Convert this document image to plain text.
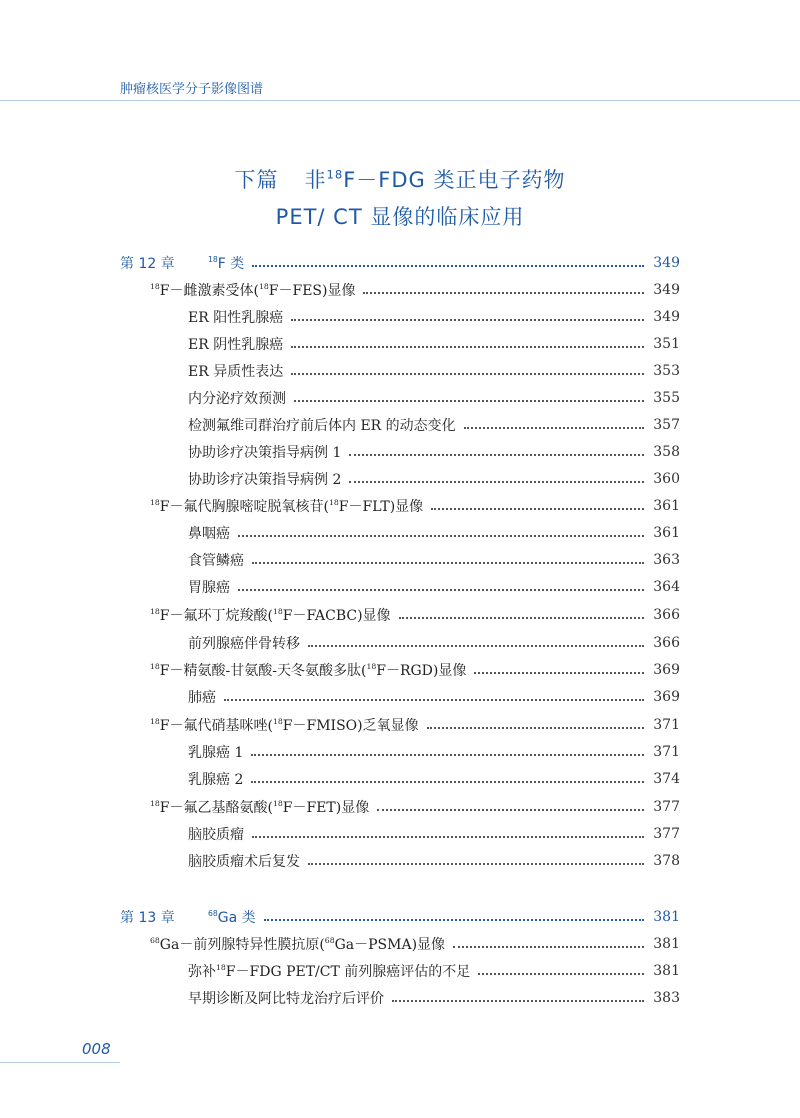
肿瘤核医学分子影像图谱
下篇 非$^{18}$F－FDG 类正电子药物
PET/ CT 显像的临床应用
第 12 章	$^{18}$F 类	349
$^{18}$F－雌激素受体($^{18}$F－FES)显像	349
ER 阳性乳腺癌	349
ER 阴性乳腺癌	351
ER 异质性表达	353
内分泌疗效预测	355
检测氟维司群治疗前后体内 ER 的动态变化	357
协助诊疗决策指导病例 1	358
协助诊疗决策指导病例 2	360
$^{18}$F－氟代胸腺嘧啶脱氧核苷($^{18}$F－FLT)显像	361
鼻咽癌	361
食管鳞癌	363
胃腺癌	364
$^{18}$F－氟环丁烷羧酸($^{18}$F－FACBC)显像	366
前列腺癌伴骨转移	366
$^{18}$F－精氨酸-甘氨酸-天冬氨酸多肽($^{18}$F－RGD)显像	369
肺癌	369
$^{18}$F－氟代硝基咪唑($^{18}$F－FMISO)乏氧显像	371
乳腺癌 1	371
乳腺癌 2	374
$^{18}$F－氟乙基酪氨酸($^{18}$F－FET)显像	377
脑胶质瘤	377
脑胶质瘤术后复发	378
第 13 章	$^{68}$Ga 类	381
$^{68}$Ga－前列腺特异性膜抗原($^{68}$Ga－PSMA)显像	381
弥补$^{18}$F－FDG PET/CT 前列腺癌评估的不足	381
早期诊断及阿比特龙治疗后评价	383
008
